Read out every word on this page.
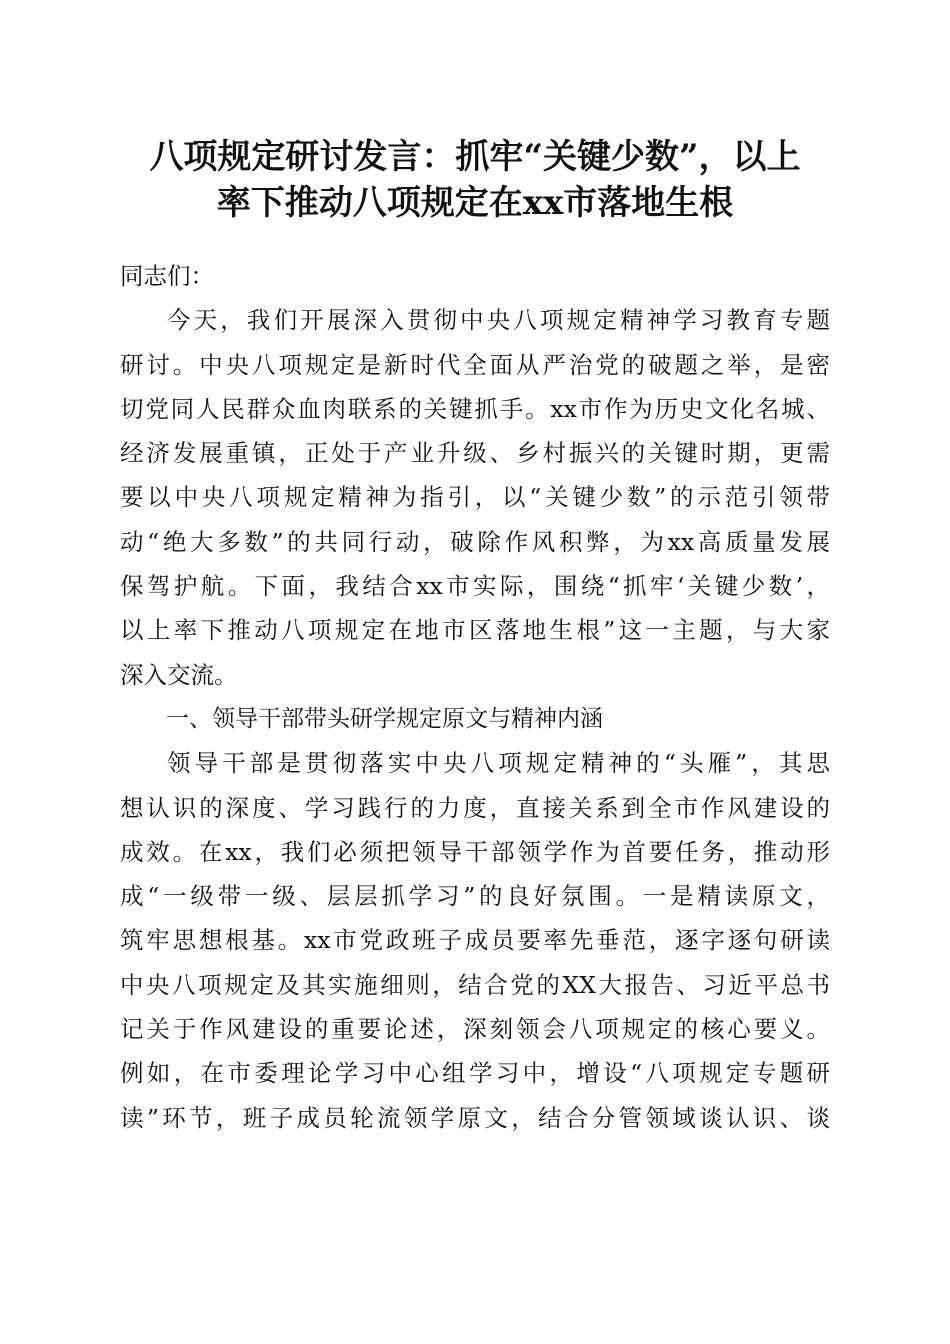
八项规定研讨发言：抓牢“关键少数”，以上
率下推动八项规定在xx市落地生根

同志们：

今天，我们开展深入贯彻中央八项规定精神学习教育专题
研讨。中央八项规定是新时代全面从严治党的破题之举，是密
切党同人民群众血肉联系的关键抓手。xx市作为历史文化名城、
经济发展重镇，正处于产业升级、乡村振兴的关键时期，更需
要以中央八项规定精神为指引，以“关键少数”的示范引领带
动“绝大多数”的共同行动，破除作风积弊，为xx高质量发展
保驾护航。下面，我结合xx市实际，围绕“抓牢‘关键少数’，
以上率下推动八项规定在地市区落地生根”这一主题，与大家
深入交流。

一、领导干部带头研学规定原文与精神内涵

领导干部是贯彻落实中央八项规定精神的“头雁”，其思
想认识的深度、学习践行的力度，直接关系到全市作风建设的
成效。在xx，我们必须把领导干部领学作为首要任务，推动形
成“一级带一级、层层抓学习”的良好氛围。一是精读原文，
筑牢思想根基。xx市党政班子成员要率先垂范，逐字逐句研读
中央八项规定及其实施细则，结合党的XX大报告、习近平总书
记关于作风建设的重要论述，深刻领会八项规定的核心要义。
例如，在市委理论学习中心组学习中，增设“八项规定专题研
读”环节，班子成员轮流领学原文，结合分管领域谈认识、谈
